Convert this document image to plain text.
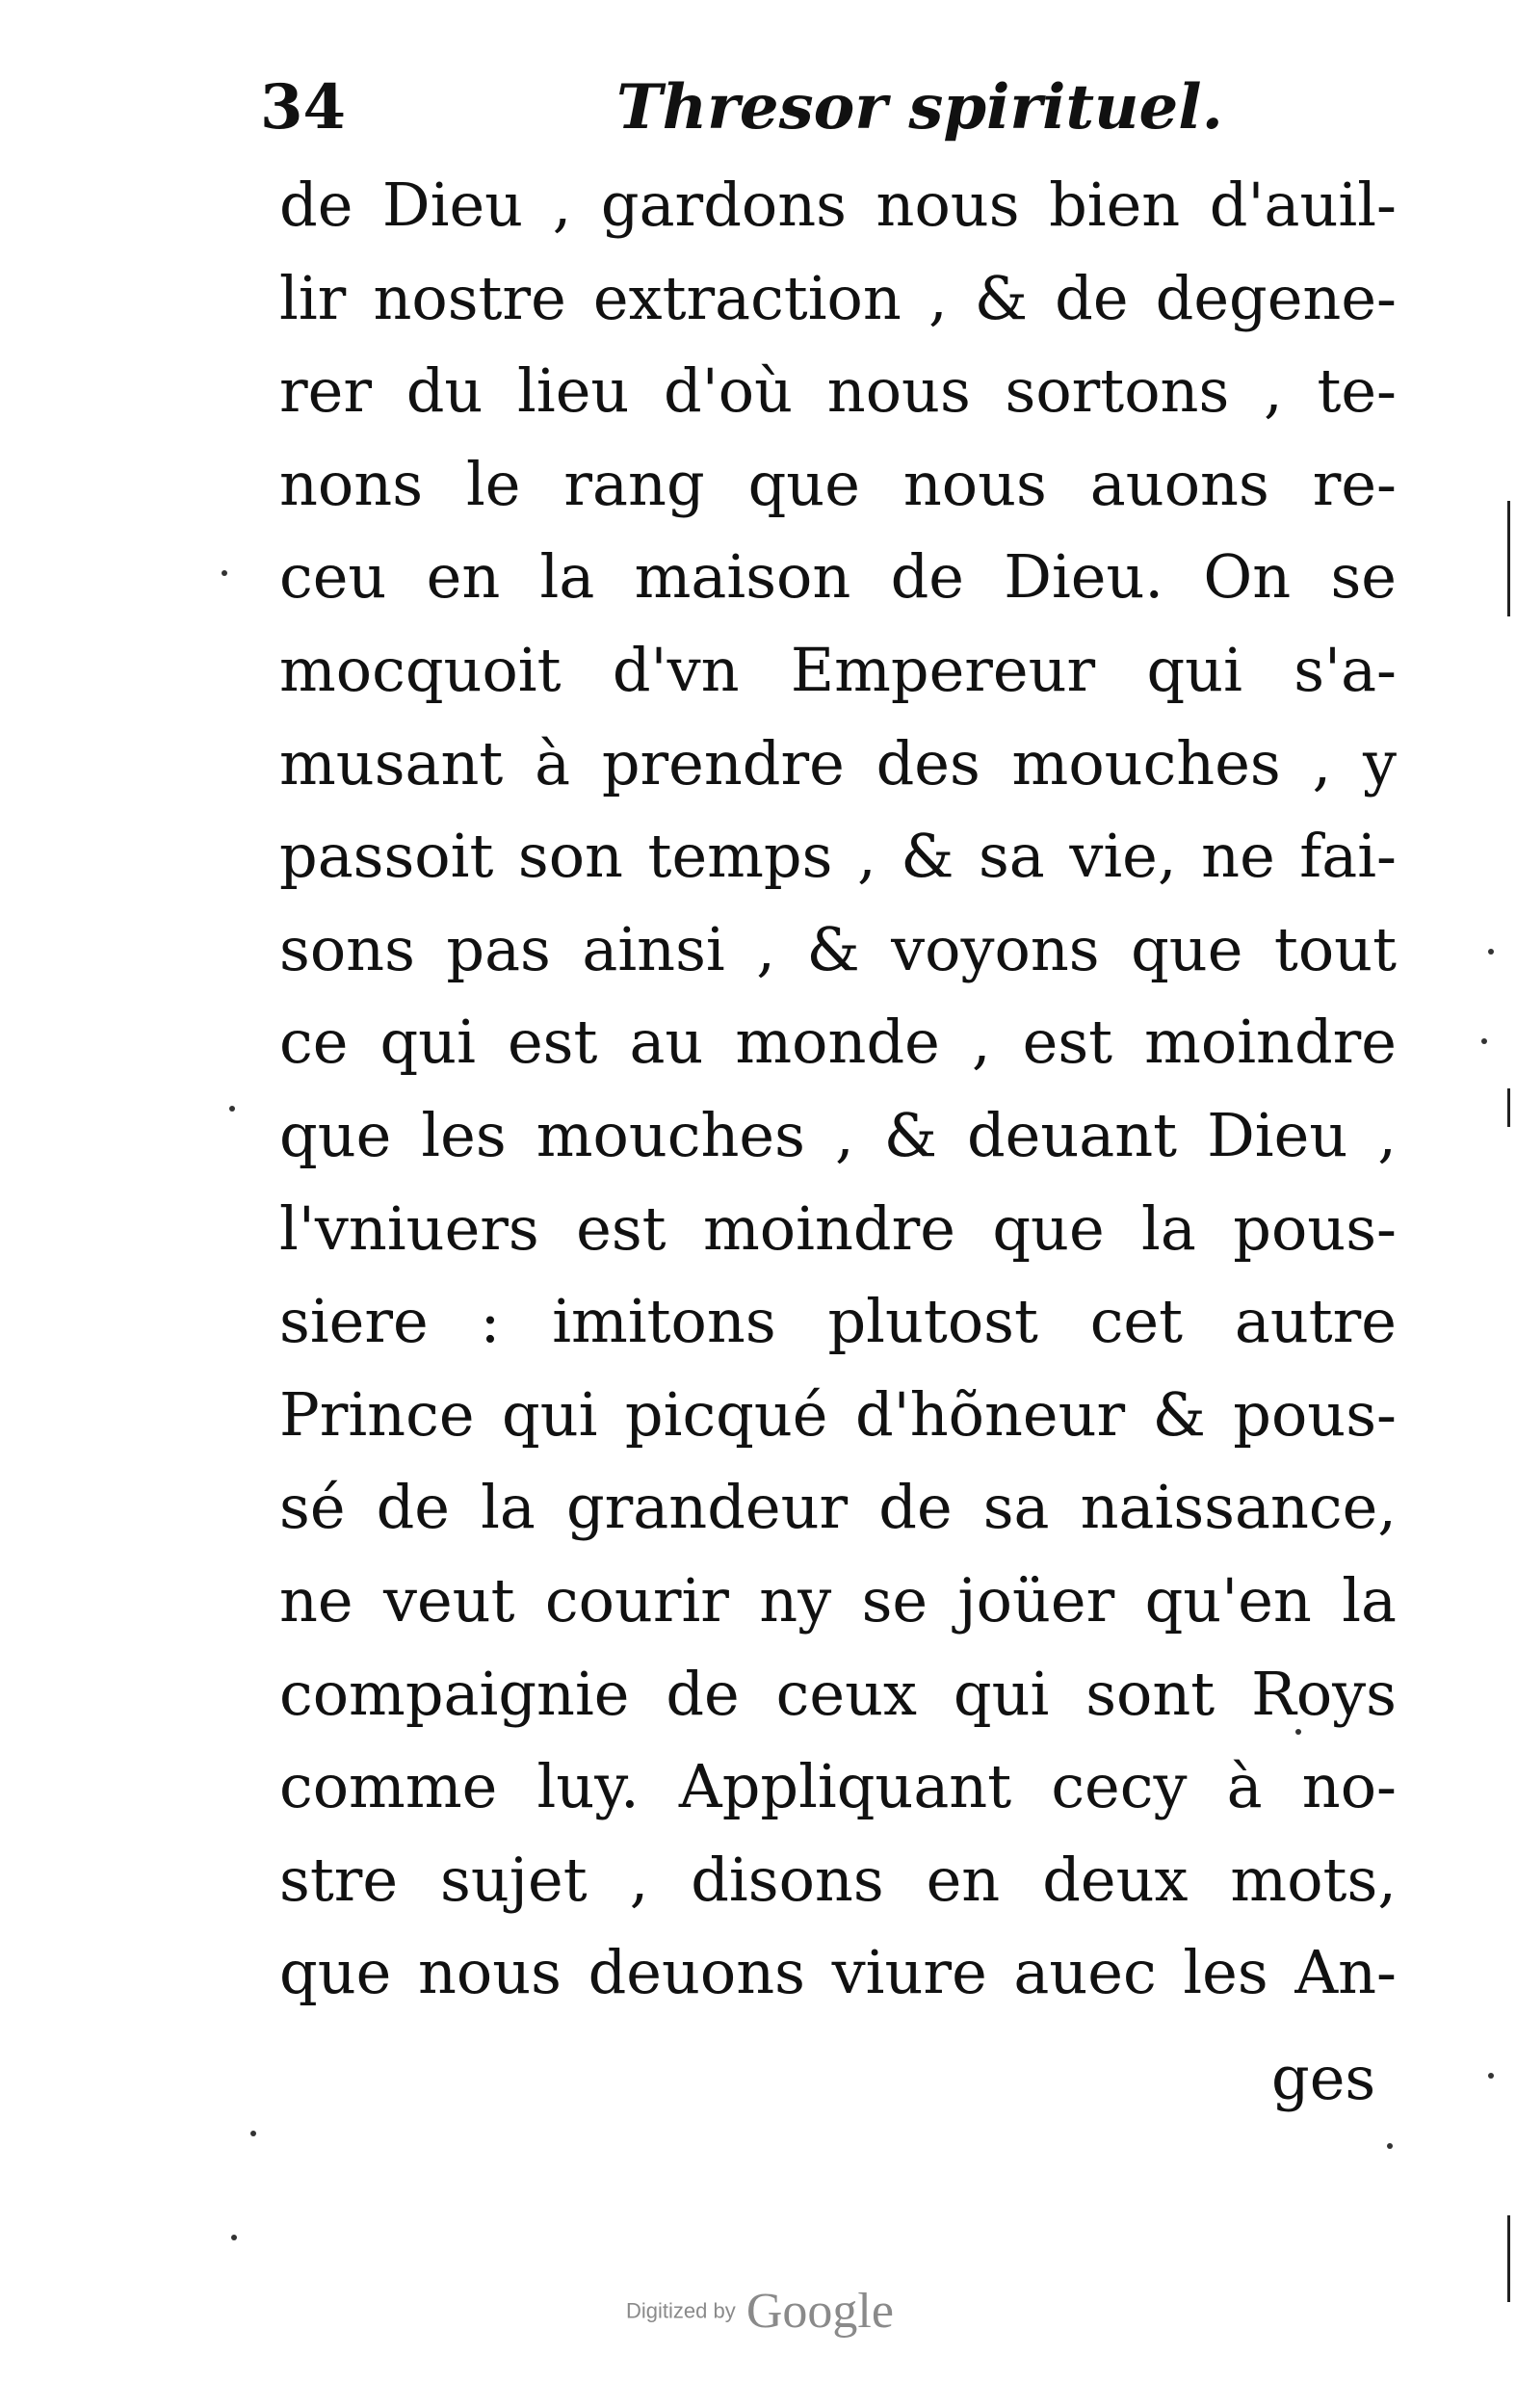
34	Thresor spirituel.
de Dieu , gardons nous bien d'auil-
lir nostre extraction , & de degene-
rer du lieu d'où nous sortons , te-
nons le rang que nous auons re-
ceu en la maison de Dieu. On se
mocquoit d'vn Empereur qui s'a-
musant à prendre des mouches , y
passoit son temps , & sa vie, ne fai-
sons pas ainsi , & voyons que tout
ce qui est au monde , est moindre
que les mouches , & deuant Dieu ,
l'vniuers est moindre que la pous-
siere : imitons plutost cet autre
Prince qui picqué d'hõneur & pous-
sé de la grandeur de sa naissance,
ne veut courir ny se joüer qu'en la
compaignie de ceux qui sont Roys
comme luy. Appliquant cecy à no-
stre sujet , disons en deux mots,
que nous deuons viure auec les An-
ges
Digitized by Google
